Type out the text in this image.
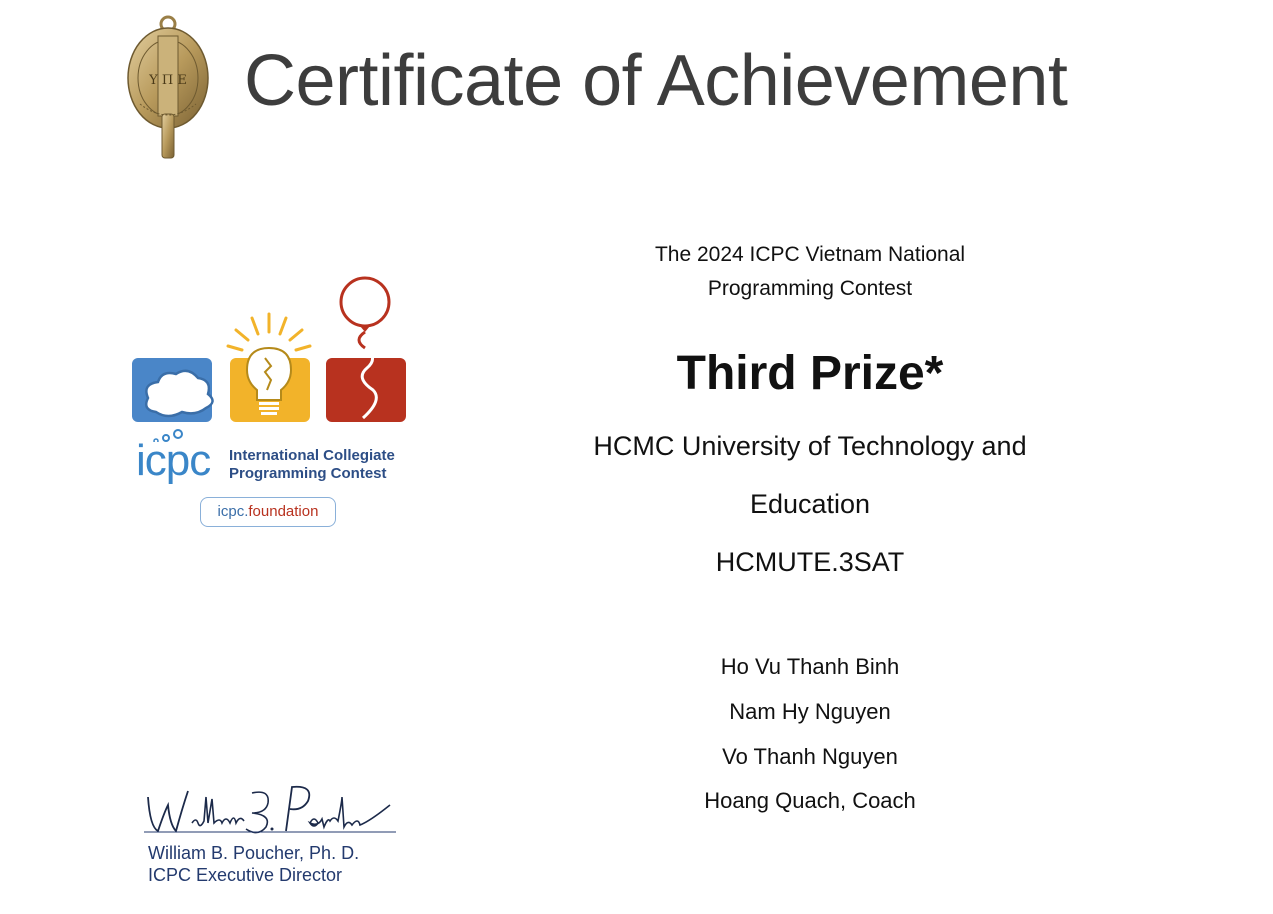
Υ Π Ε Certificate of Achievement
icpc International Collegiate
Programming Contest
icpc.foundation
The 2024 ICPC Vietnam National
Programming Contest
Third Prize*
HCMC University of Technology and
Education
HCMUTE.3SAT
Ho Vu Thanh Binh
Nam Hy Nguyen
Vo Thanh Nguyen
Hoang Quach, Coach
William B. Poucher, Ph. D.
ICPC Executive Director
